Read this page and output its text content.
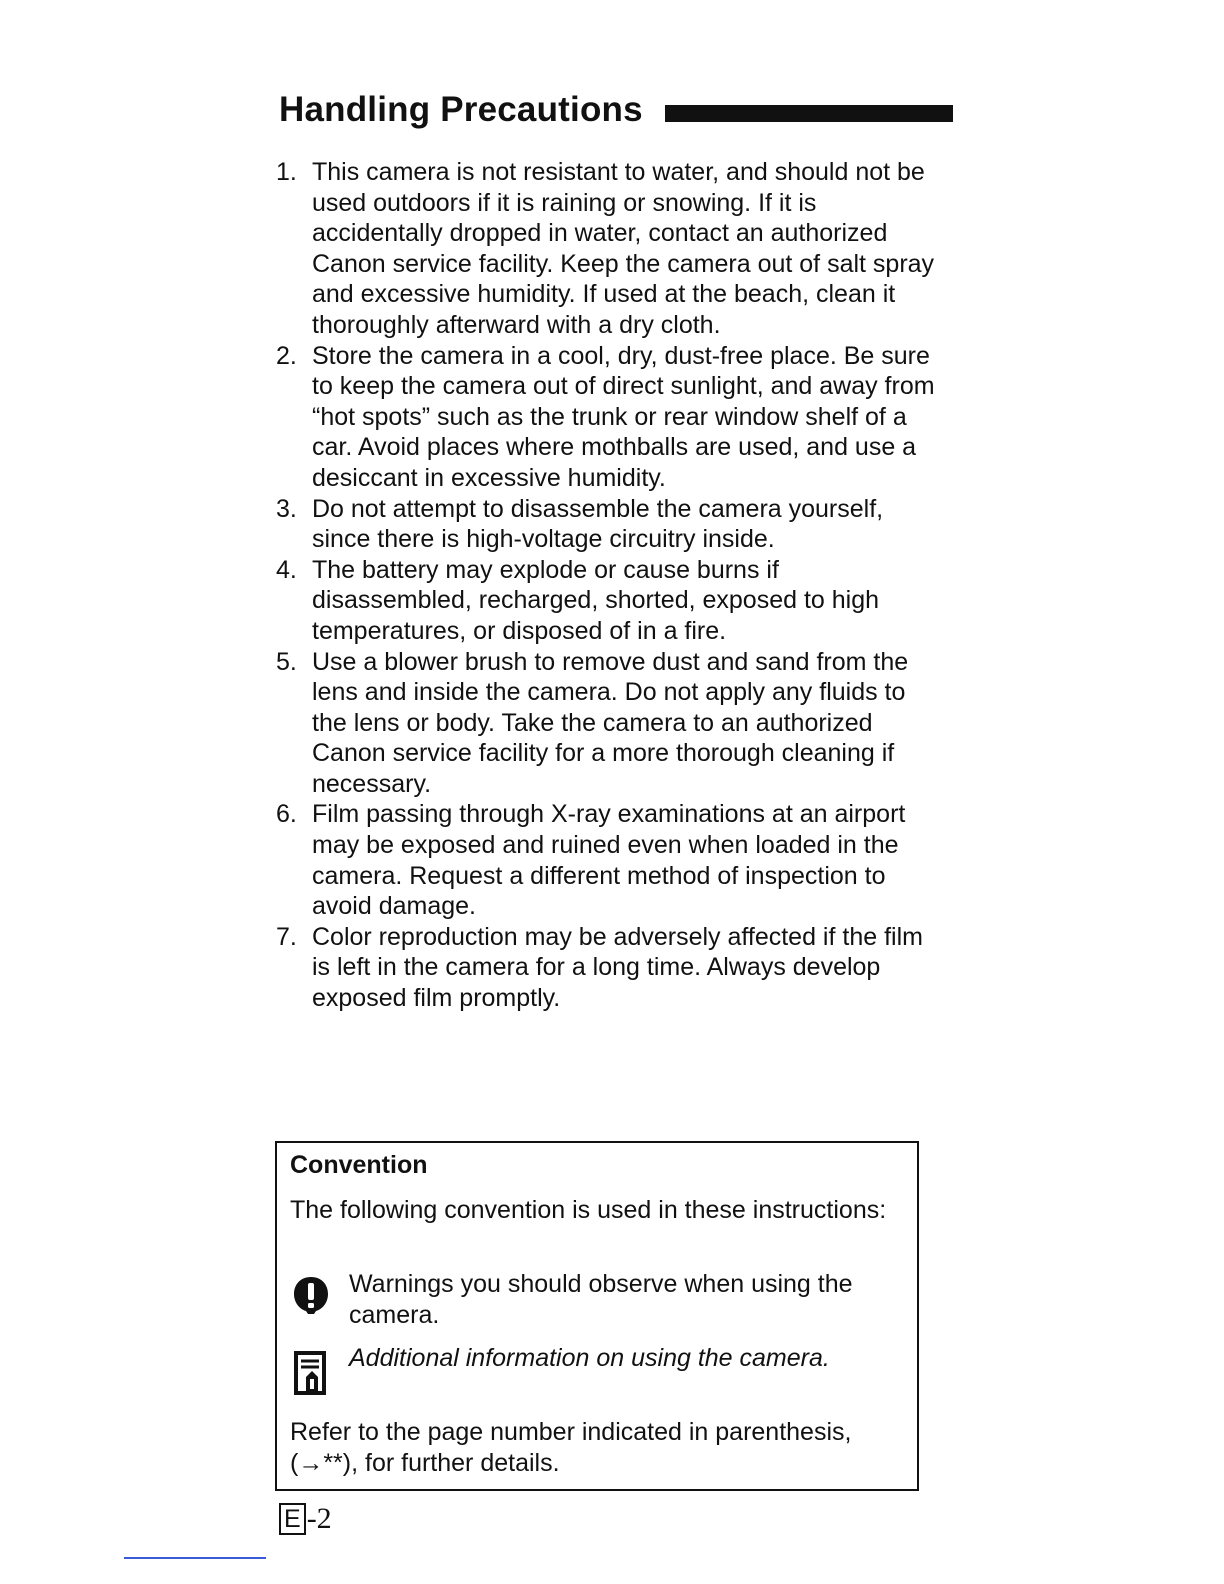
Handling Precautions
1. This camera is not resistant to water, and should not be used outdoors if it is raining or snowing. If it is accidentally dropped in water, contact an authorized Canon service facility. Keep the camera out of salt spray and excessive humidity. If used at the beach, clean it thoroughly afterward with a dry cloth.
2. Store the camera in a cool, dry, dust-free place. Be sure to keep the camera out of direct sunlight, and away from “hot spots” such as the trunk or rear window shelf of a car. Avoid places where mothballs are used, and use a desiccant in excessive humidity.
3. Do not attempt to disassemble the camera yourself, since there is high-voltage circuitry inside.
4. The battery may explode or cause burns if disassembled, recharged, shorted, exposed to high temperatures, or disposed of in a fire.
5. Use a blower brush to remove dust and sand from the lens and inside the camera. Do not apply any fluids to the lens or body. Take the camera to an authorized Canon service facility for a more thorough cleaning if necessary.
6. Film passing through X-ray examinations at an airport may be exposed and ruined even when loaded in the camera. Request a different method of inspection to avoid damage.
7. Color reproduction may be adversely affected if the film is left in the camera for a long time. Always develop exposed film promptly.
Convention
The following convention is used in these instructions:
Warnings you should observe when using the camera.
Additional information on using the camera.
Refer to the page number indicated in parenthesis, (→**), for further details.
E -2
